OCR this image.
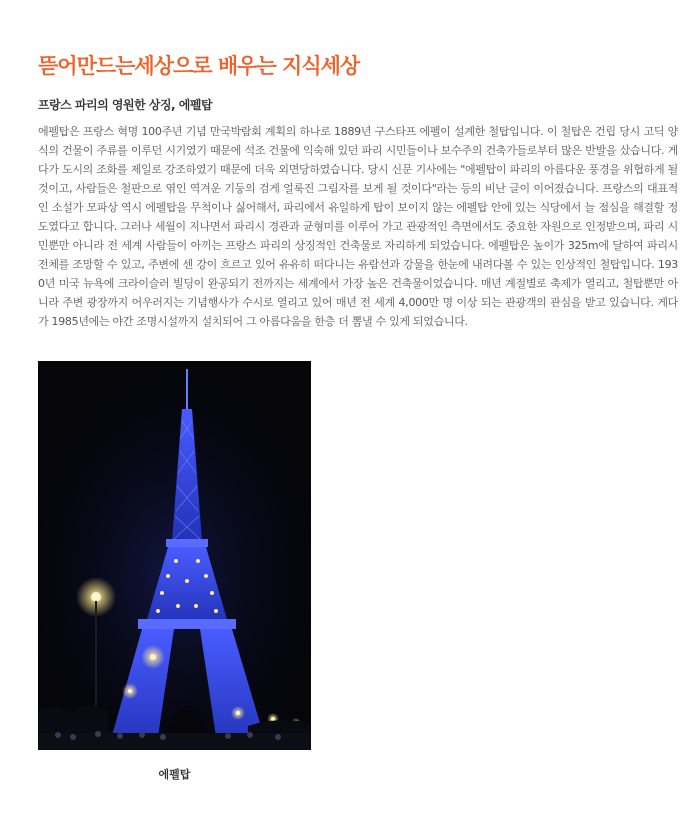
뜯어만드는세상으로 배우는 지식세상
프랑스 파리의 영원한 상징, 에펠탑

에펠탑은 프랑스 혁명 100주년 기념 만국박람회 계획의 하나로 1889년 구스타프 에펠이 설계한 철탑입니다. 이 철탑은 건립 당시 고딕 양식의 건물이 주류를 이루던 시기였기 때문에 석조 건물에 익숙해 있던 파리 시민들이나 보수주의 건축가들로부터 많은 반발을 샀습니다. 게다가 도시의 조화를 제일로 강조하였기 때문에 더욱 외면당하였습니다. 당시 신문 기사에는 "에펠탑이 파리의 아름다운 풍경을 위협하게 될 것이고, 사람들은 철판으로 엮인 역겨운 기둥의 검게 얼룩진 그림자를 보게 될 것이다"라는 등의 비난 글이 이어졌습니다. 프랑스의 대표적인 소설가 모파상 역시 에펠탑을 무척이나 싫어해서, 파리에서 유일하게 탑이 보이지 않는 에펠탑 안에 있는 식당에서 늘 점심을 해결할 정도였다고 합니다. 그러나 세월이 지나면서 파리시 경관과 균형미를 이루어 가고 관광적인 측면에서도 중요한 자원으로 인정받으며, 파리 시민뿐만 아니라 전 세계 사람들이 아끼는 프랑스 파리의 상징적인 건축물로 자리하게 되었습니다. 에펠탑은 높이가 325m에 달하여 파리시 전체를 조망할 수 있고, 주변에 센 강이 흐르고 있어 유유히 떠다니는 유람선과 강물을 한눈에 내려다볼 수 있는 인상적인 철탑입니다. 1930년 미국 뉴욕에 크라이슬러 빌딩이 완공되기 전까지는 세계에서 가장 높은 건축물이었습니다. 매년 계절별로 축제가 열리고, 철탑뿐만 아니라 주변 광장까지 어우러지는 기념행사가 수시로 열리고 있어 매년 전 세계 4,000만 명 이상 되는 관광객의 관심을 받고 있습니다. 게다가 1985년에는 야간 조명시설까지 설치되어 그 아름다움을 한층 더 뽐낼 수 있게 되었습니다.

에펠탑
